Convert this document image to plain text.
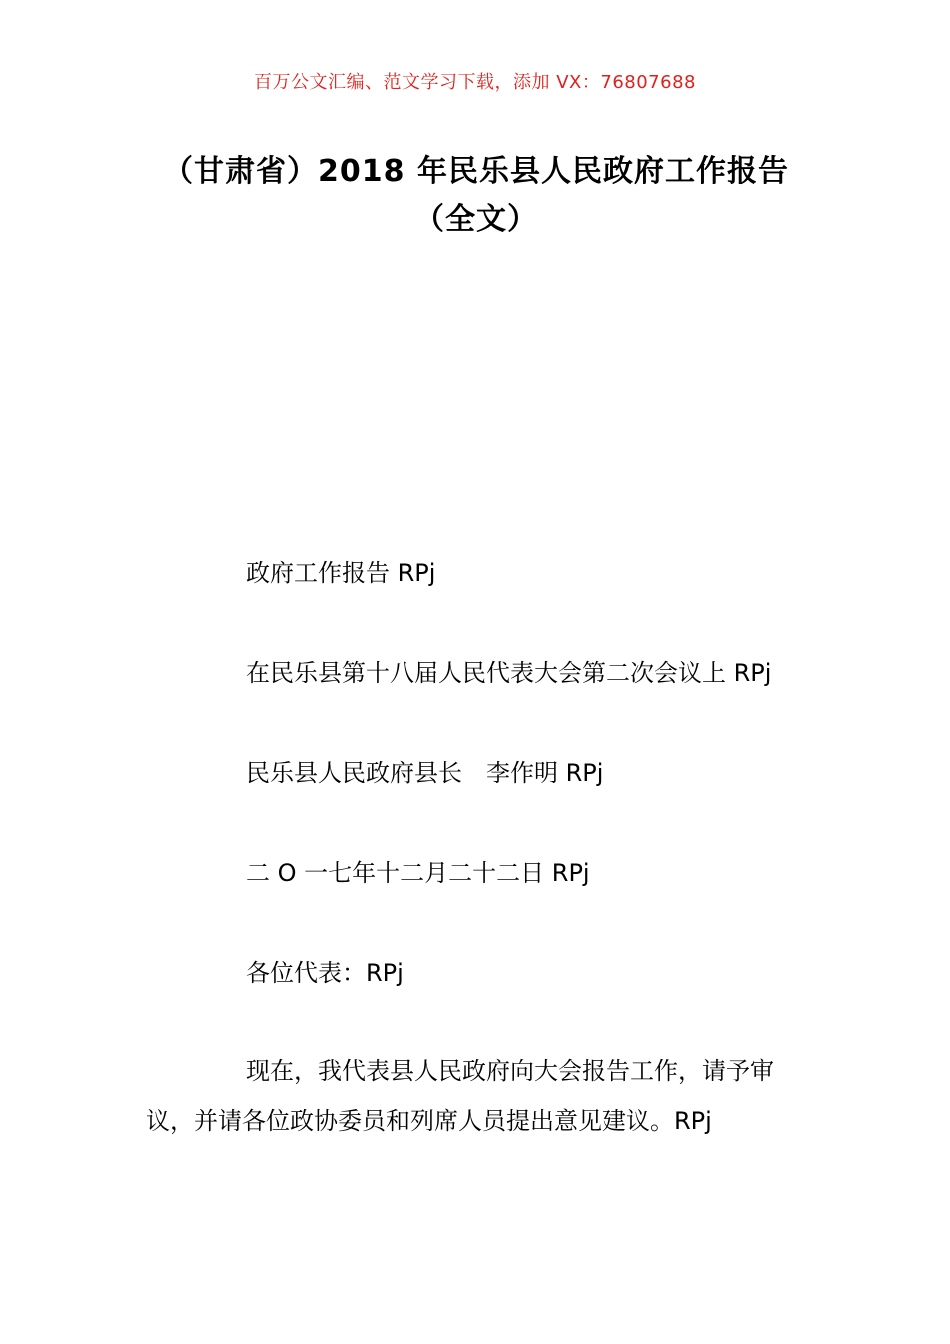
百万公文汇编、范文学习下载，添加 VX：76807688
（甘肃省）2018 年民乐县人民政府工作报告（全文）
政府工作报告 RPj
在民乐县第十八届人民代表大会第二次会议上 RPj
民乐县人民政府县长　李作明 RPj
二 O 一七年十二月二十二日 RPj
各位代表：RPj
现在，我代表县人民政府向大会报告工作，请予审议，并请各位政协委员和列席人员提出意见建议。RPj
